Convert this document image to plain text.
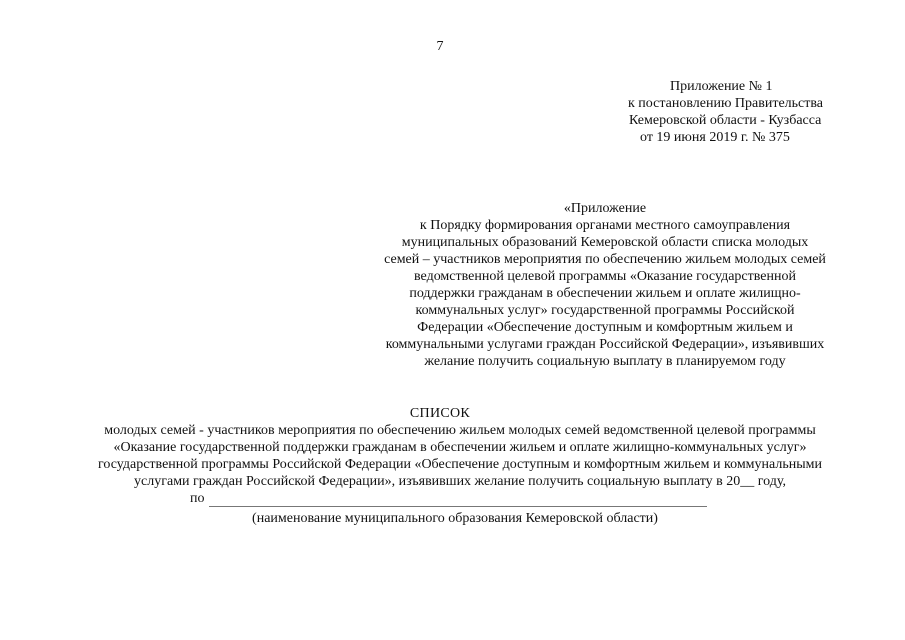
7
Приложение № 1
к постановлению Правительства
Кемеровской области - Кузбасса
от 19 июня 2019 г. № 375
«Приложение
к Порядку формирования органами местного самоуправления
муниципальных образований Кемеровской области списка молодых
семей – участников мероприятия по обеспечению жильем молодых семей
ведомственной целевой программы «Оказание государственной
поддержки гражданам в обеспечении жильем и оплате жилищно-
коммунальных услуг» государственной программы Российской
Федерации «Обеспечение доступным и комфортным жильем и
коммунальными услугами граждан Российской Федерации», изъявивших
желание получить социальную выплату в планируемом году
СПИСОК
молодых семей - участников мероприятия по обеспечению жильем молодых семей ведомственной целевой программы
«Оказание государственной поддержки гражданам в обеспечении жильем и оплате жилищно-коммунальных услуг»
государственной программы Российской Федерации «Обеспечение доступным и комфортным жильем и коммунальными
услугами граждан Российской Федерации», изъявивших желание получить социальную выплату в 20__ году,
по
(наименование муниципального образования Кемеровской области)
